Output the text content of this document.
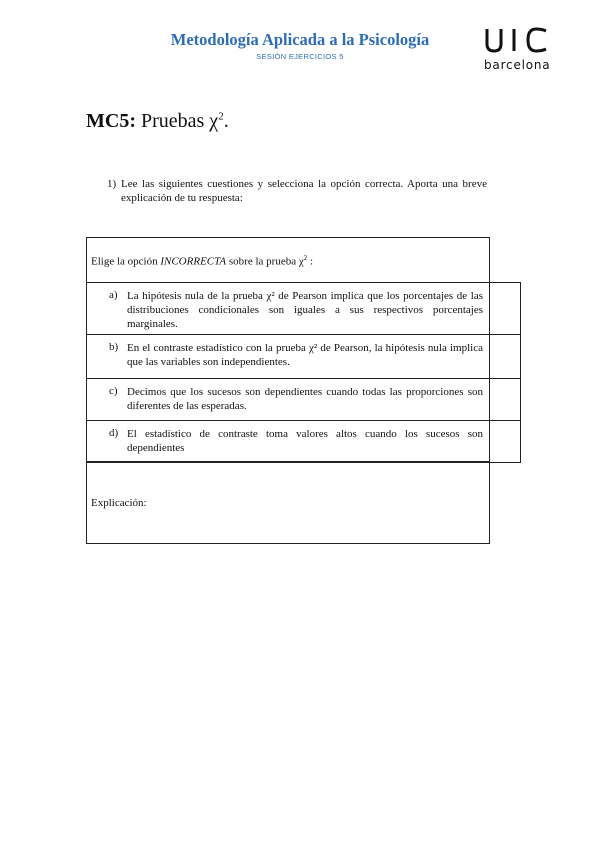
Metodología Aplicada a la Psicología
SESIÓN EJERCICIOS 5
barcelona
MC5: Pruebas $\chi^2$.
1) Lee las siguientes cuestiones y selecciona la opción correcta. Aporta una breve explicación de tu respuesta:
Elige la opción INCORRECTA sobre la prueba $\chi^2$ :
a) La hipótesis nula de la prueba χ² de Pearson implica que los porcentajes de las distribuciones condicionales son iguales a sus respectivos porcentajes marginales.
b) En el contraste estadístico con la prueba χ² de Pearson, la hipótesis nula implica que las variables son independientes.
c) Decimos que los sucesos son dependientes cuando todas las proporciones son diferentes de las esperadas.
d) El estadístico de contraste toma valores altos cuando los sucesos son dependientes
Explicación:
